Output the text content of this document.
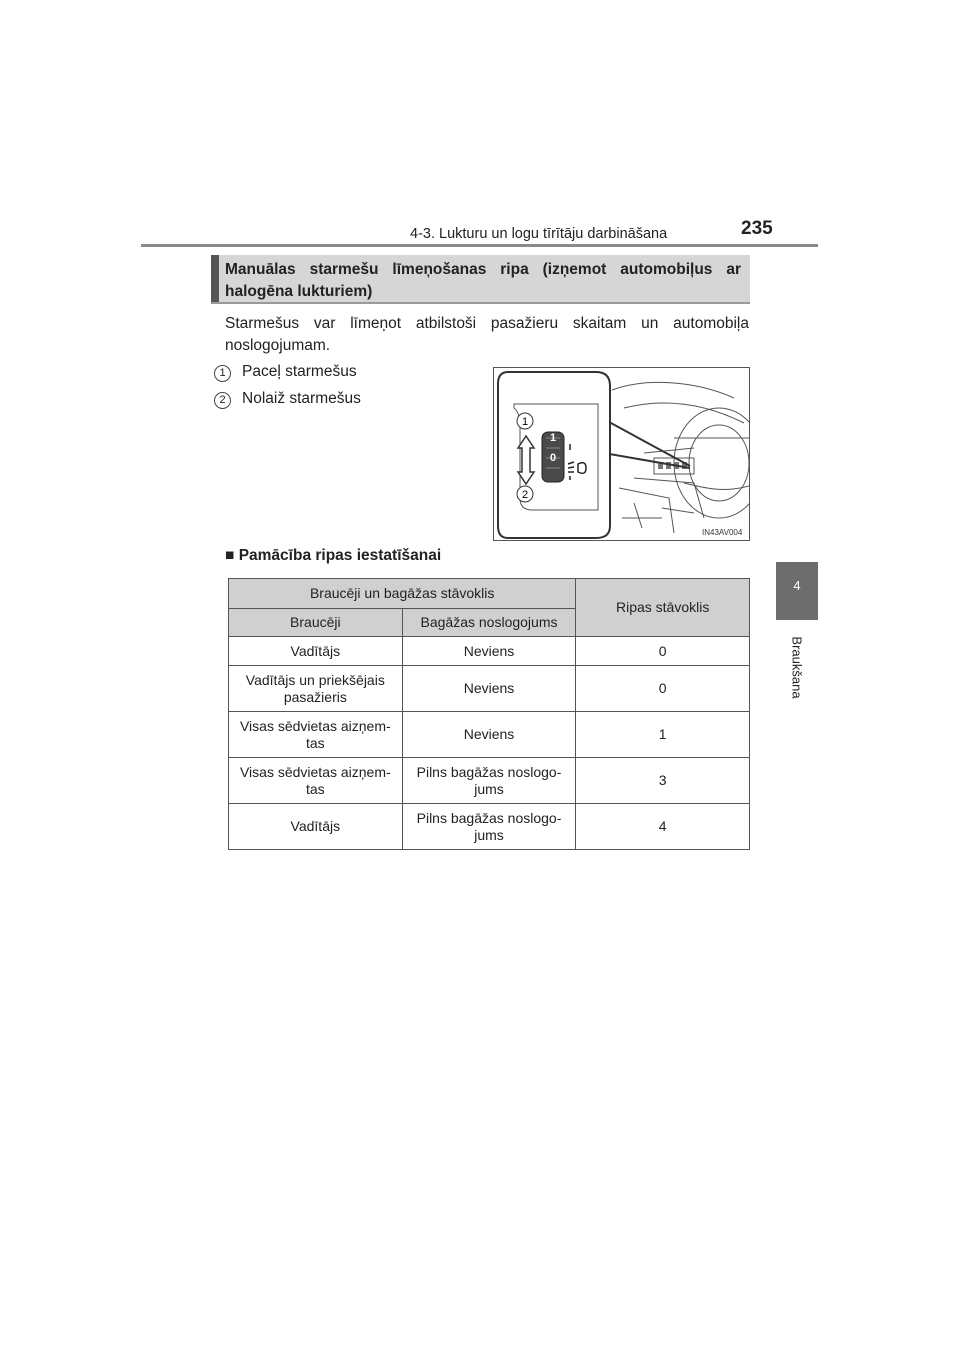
4-3. Lukturu un logu tīrītāju darbināšana	235
4
Braukšana
Manuālas starmešu līmeņošanas ripa (izņemot automobiļus ar halogēna lukturiem)
Starmešus var līmeņot atbilstoši pasažieru skaitam un automobiļa noslogojumam.
1	Paceļ starmešus
2	Nolaiž starmešus
1
2
1
0
IN43AV004
■ Pamācība ripas iestatīšanai
Braucēji un bagāžas stāvoklis		Ripas stāvoklis
Braucēji	Bagāžas noslogojums	
Vadītājs	Neviens	0
Vadītājs un priekšējais pasažieris	Neviens	0
Visas sēdvietas aizņem- tas	Neviens	1
Visas sēdvietas aizņem- tas	Pilns bagāžas noslogo- jums	3
Vadītājs	Pilns bagāžas noslogo- jums	4
